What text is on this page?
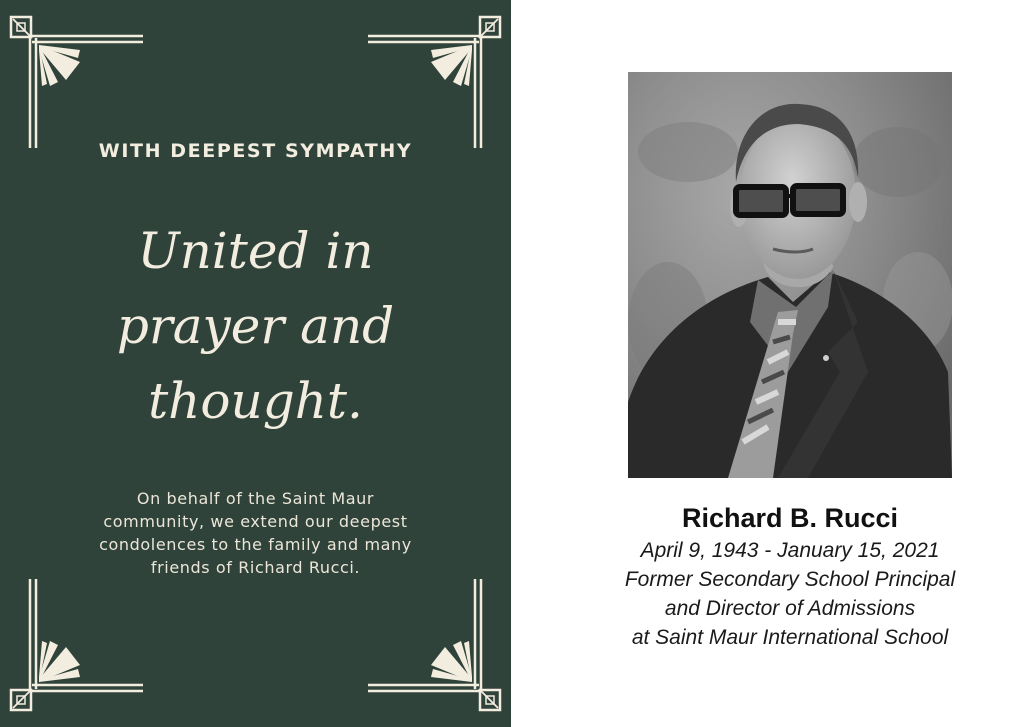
WITH DEEPEST SYMPATHY
United in
prayer and
thought.
On behalf of the Saint Maur
community, we extend our deepest
condolences to the family and many
friends of Richard Rucci.
Richard B. Rucci
April 9, 1943 - January 15, 2021
Former Secondary School Principal
and Director of Admissions
at Saint Maur International School
